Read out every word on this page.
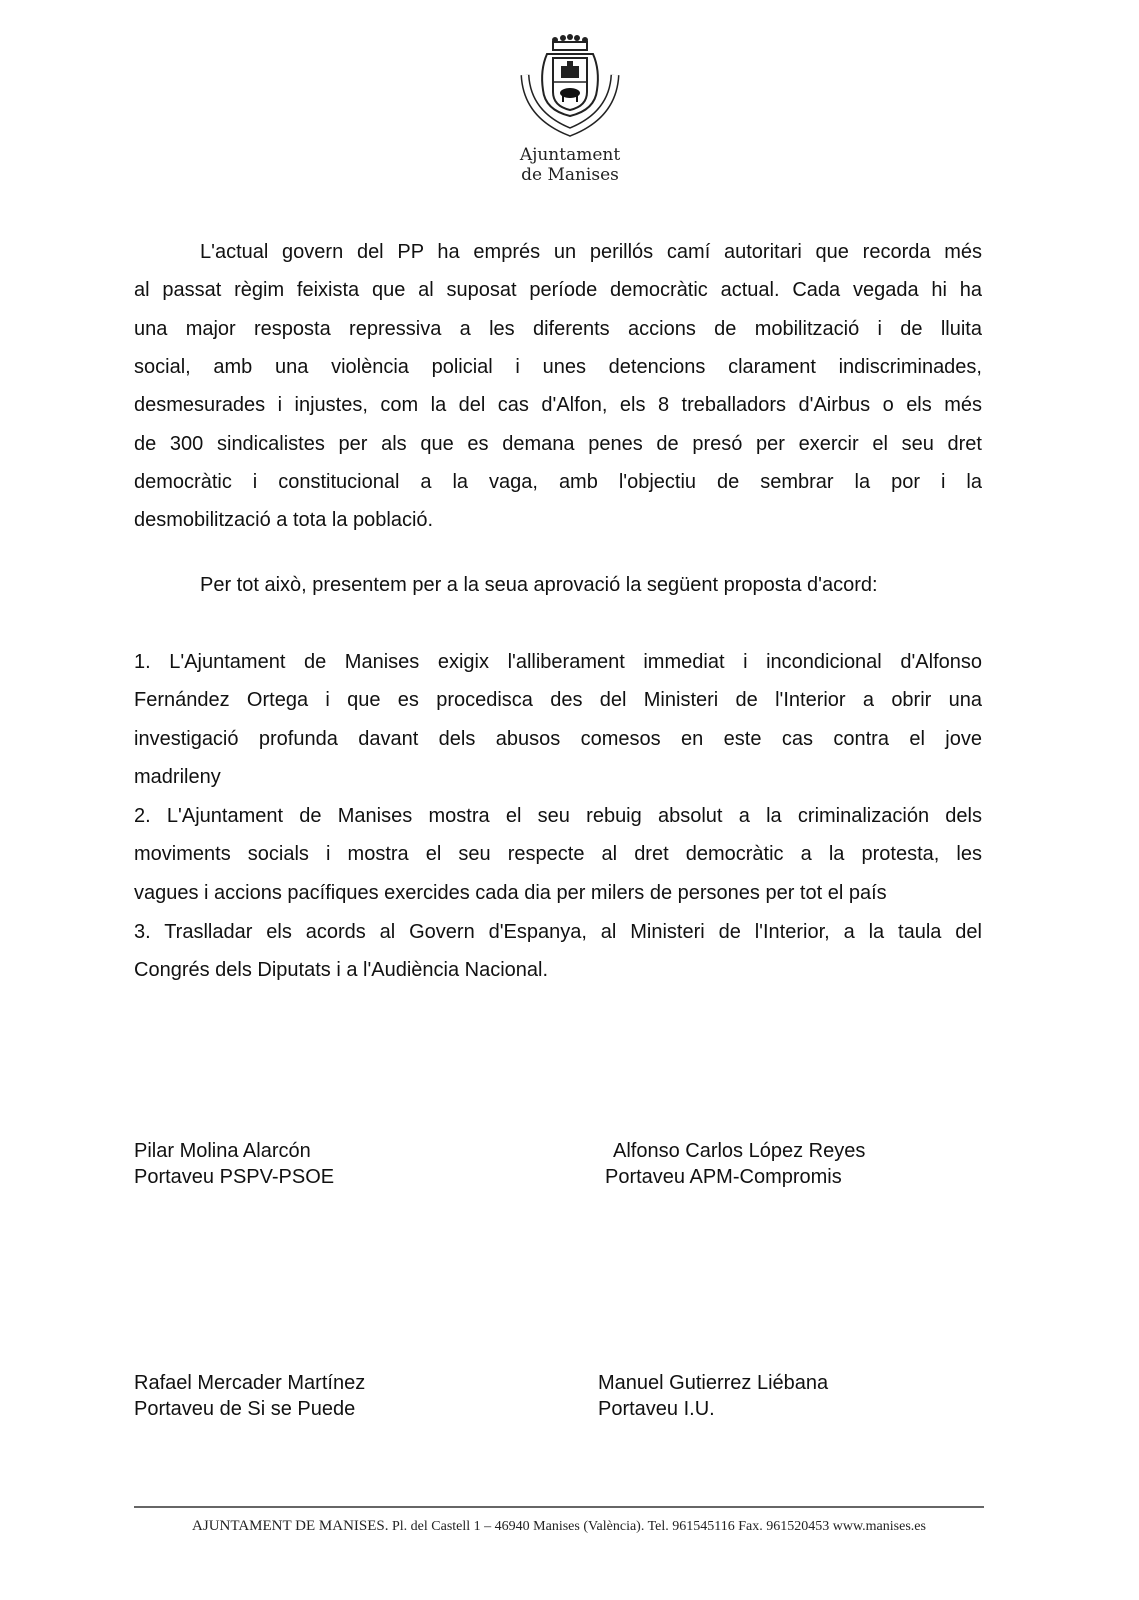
Ajuntament
de Manises
L'actual govern del PP ha emprés un perillós camí autoritari que recorda més
al passat règim feixista que al suposat període democràtic actual. Cada vegada hi ha
una major resposta repressiva a les diferents accions de mobilització i de lluita
social, amb una violència policial i unes detencions clarament indiscriminades,
desmesurades i injustes, com la del cas d'Alfon, els 8 treballadors d'Airbus o els més
de 300 sindicalistes per als que es demana penes de presó per exercir el seu dret
democràtic i constitucional a la vaga, amb l'objectiu de sembrar la por i la
desmobilització a tota la població.
Per tot això, presentem per a la seua aprovació la següent proposta d'acord:
1. L'Ajuntament de Manises exigix l'alliberament immediat i incondicional d'Alfonso
Fernández Ortega i que es procedisca des del Ministeri de l'Interior a obrir una
investigació profunda davant dels abusos comesos en este cas contra el jove
madrileny
2. L'Ajuntament de Manises mostra el seu rebuig absolut a la criminalización dels
moviments socials i mostra el seu respecte al dret democràtic a la protesta, les
vagues i accions pacífiques exercides cada dia per milers de persones per tot el país
3. Traslladar els acords al Govern d'Espanya, al Ministeri de l'Interior, a la taula del
Congrés dels Diputats i a l'Audiència Nacional.
Pilar Molina Alarcón
Portaveu PSPV-PSOE
Alfonso Carlos López Reyes
Portaveu APM-Compromis
Rafael Mercader Martínez
Portaveu de Si se Puede
Manuel Gutierrez Liébana
Portaveu I.U.
AJUNTAMENT DE MANISES. Pl. del Castell 1 – 46940 Manises (València). Tel. 961545116 Fax. 961520453 www.manises.es
